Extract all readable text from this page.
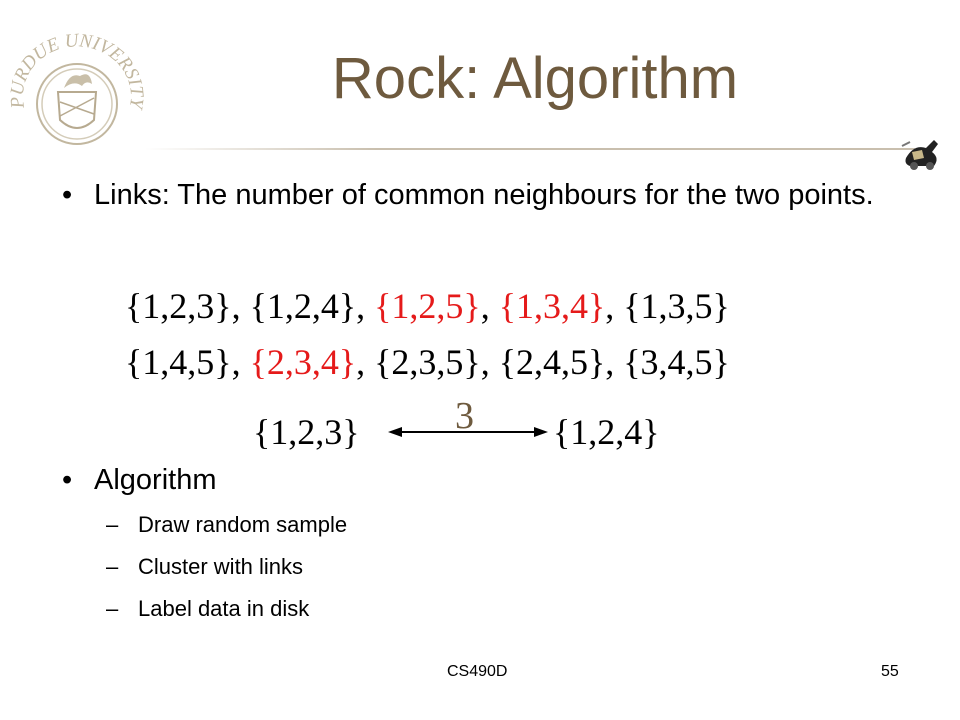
PURDUE UNIVERSITY	Rock: Algorithm
• Links: The number of common neighbours for the two points.
{1,2,3}, {1,2,4}, {1,2,5}, {1,3,4}, {1,3,5}
{1,4,5}, {2,3,4}, {2,3,5}, {2,4,5}, {3,4,5}
{1,2,3}	3 {1,2,4}
• Algorithm
– Draw random sample
– Cluster with links
– Label data in disk
CS490D	55
